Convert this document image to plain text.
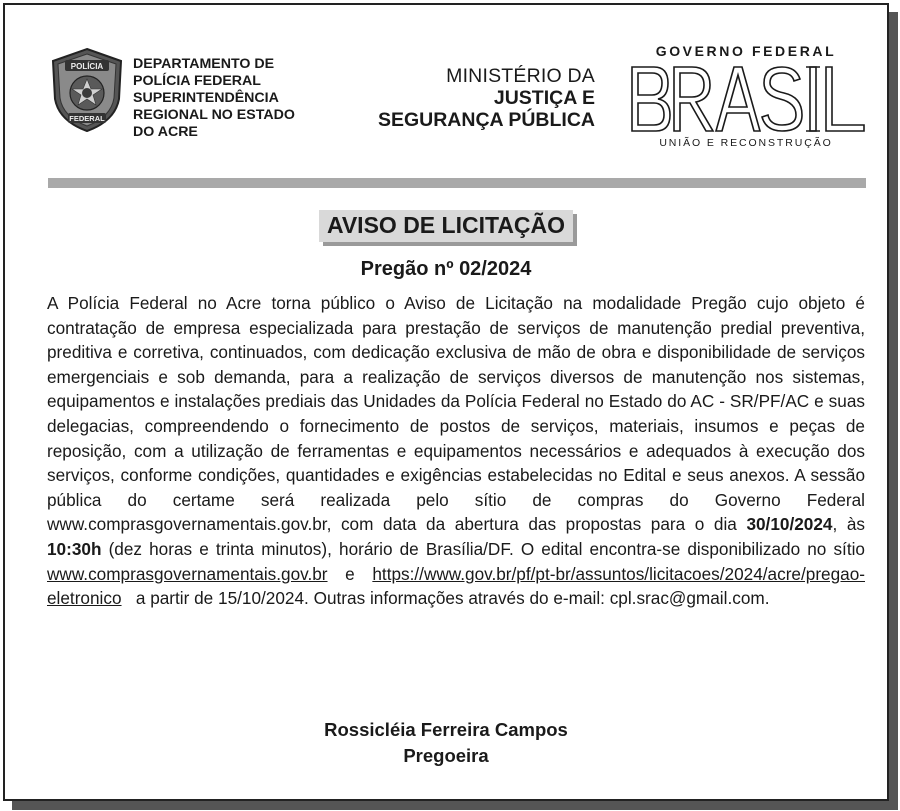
POLÍCIA
FEDERAL
DEPARTAMENTO DE
POLÍCIA FEDERAL
SUPERINTENDÊNCIA
REGIONAL NO ESTADO
DO ACRE
MINISTÉRIO DA
JUSTIÇA E
SEGURANÇA PÚBLICA
GOVERNO FEDERAL
UNIÃO E RECONSTRUÇÃO
AVISO DE LICITAÇÃO
Pregão nº 02/2024
A Polícia Federal no Acre torna público o Aviso de Licitação na modalidade Pregão cujo objeto é contratação de empresa especializada para prestação de serviços de manutenção predial preventiva, preditiva e corretiva, continuados, com dedicação exclusiva de mão de obra e disponibilidade de serviços emergenciais e sob demanda, para a realização de serviços diversos de manutenção nos sistemas, equipamentos e instalações prediais das Unidades da Polícia Federal no Estado do AC - SR/PF/AC e suas delegacias, compreendendo o fornecimento de postos de serviços, materiais, insumos e peças de reposição, com a utilização de ferramentas e equipamentos necessários e adequados à execução dos serviços, conforme condições, quantidades e exigências estabelecidas no Edital e seus anexos. A sessão pública do certame será realizada pelo sítio de compras do Governo Federal www.comprasgovernamentais.gov.br, com data da abertura das propostas para o dia 30/10/2024, às 10:30h (dez horas e trinta minutos), horário de Brasília/DF. O edital encontra-se disponibilizado no sítio www.comprasgovernamentais.gov.br e https://www.gov.br/pf/pt-br/assuntos/licitacoes/2024/acre/pregao-eletronico   a partir de 15/10/2024. Outras informações através do e-mail: cpl.srac@gmail.com.
Rossicléia Ferreira Campos
Pregoeira
